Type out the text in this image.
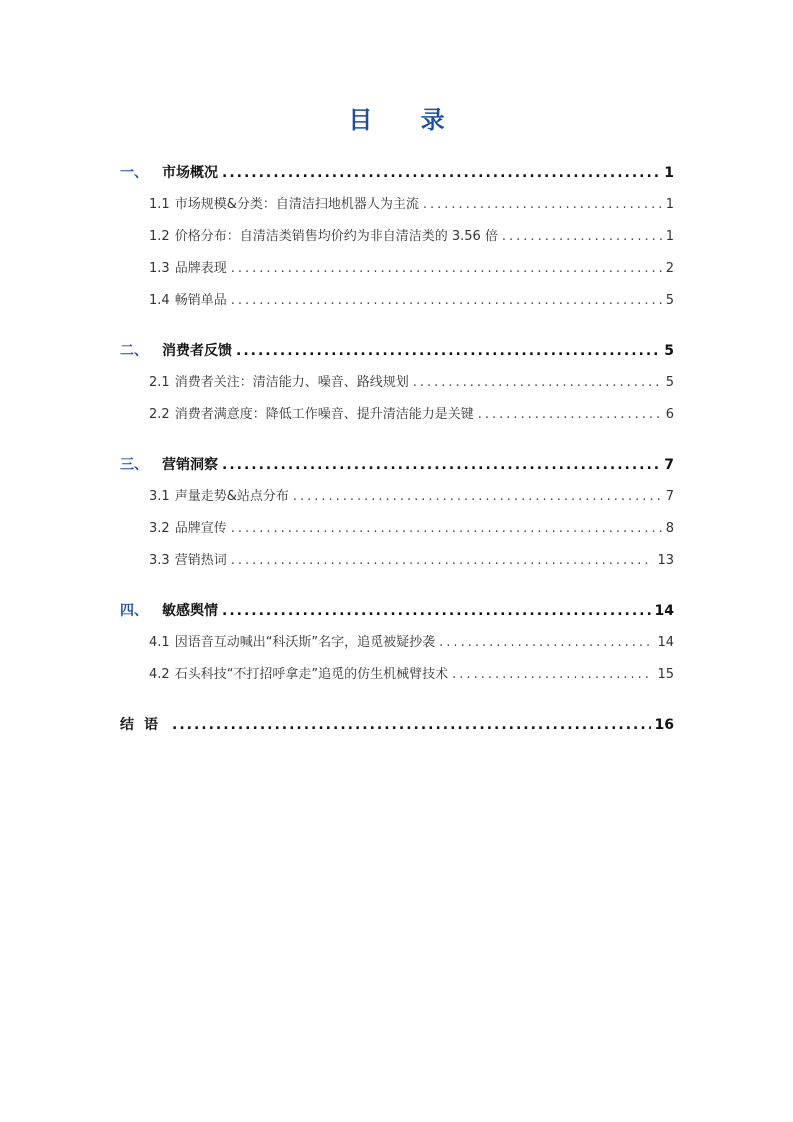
目 录
一、	市场概况 .....	1
1.1 市场规模&分类：自清洁扫地机器人为主流 .....	1
1.2 价格分布：自清洁类销售均价约为非自清洁类的 3.56 倍 .....	1
1.3 品牌表现 .....	2
1.4 畅销单品 .....	5
二、	消费者反馈 .....	5
2.1 消费者关注：清洁能力、噪音、路线规划 .....	5
2.2 消费者满意度：降低工作噪音、提升清洁能力是关键 .....	6
三、	营销洞察 .....	7
3.1 声量走势&站点分布 .....	7
3.2 品牌宣传 .....	8
3.3 营销热词 .....	13
四、	敏感舆情 .....	14
4.1 因语音互动喊出“科沃斯”名字，追觅被疑抄袭 .....	14
4.2 石头科技“不打招呼拿走”追觅的仿生机械臂技术 .....	15
结语 .....	16
